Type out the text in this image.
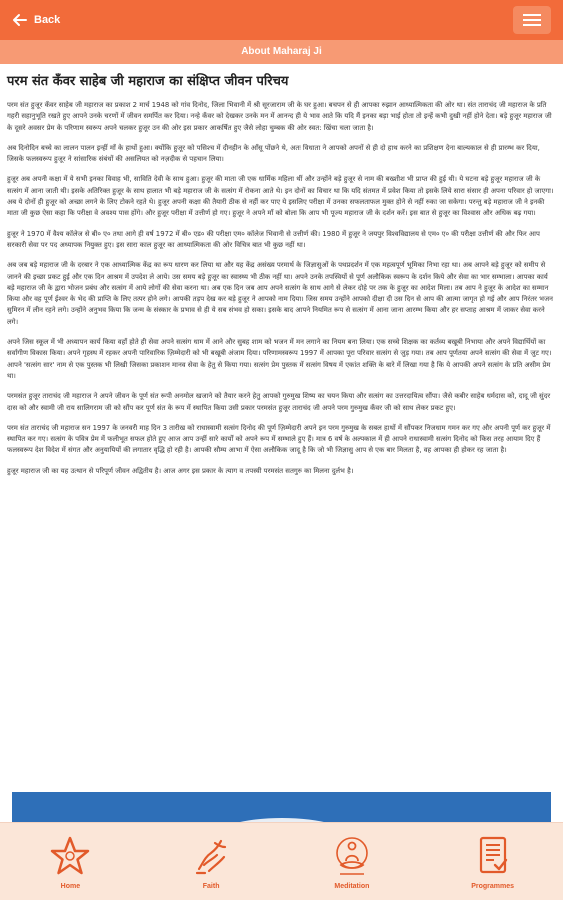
Back
About Maharaj Ji
परम संत कँवर साहेब जी महाराज का संक्षिप्त जीवन परिचय

परम संत हुजूर कँवर साहेब जी महाराज का प्रकाश 2 मार्च 1948 को गांव दिनोद, जिला भिवानी में श्री सूरजाराम जी के घर हुआ। बचपन से ही आपका रुझान आध्यात्मिकता की ओर था। संत ताराचंद जी महाराज के प्रति गहरी सहानुभूति रखते हुए आपने उनके चरणों में जीवन समर्पित कर दिया। नन्हे कँवर को देखकर उनके मन में आनन्द ही ये भाव आते कि यदि मैं इनका बड़ा भाई होता तो इन्हें कभी दुखी नहीं होने देता। बड़े हुजूर महाराज जी के दूसरे अवसर प्रेम के परिणाम स्वरूप अपने चलकर हुजूर उन की ओर इस प्रकार आकर्षित हुए जैसे लोहा चुम्बक की ओर स्वत: खिंचा चला जाता है।

अब दिनोदिन बच्चे का लालन पालन इन्हीं माँ के हाथों हुआ। क्योंकि हुजूर को पसिश्च में दीनहीन के आँसू पोंछने थे, अतः विधाता ने आपको अपनों से ही दो हाथ करने का प्रशिक्षण देना बाल्यकाल से ही प्रारम्भ कर दिया, जिसके फलस्वरूप हुजूर ने सांसारिक संबंधों की असलियत को नज़दीक से पहचान लिया।

हुजूर अब अपनी कक्षा में ये सभी इनका विवाह भी, साविति देवी के साथ हुआ। हुजूर की माता जी एक धार्मिक महिला थीं और उन्होंने बड़े हुजूर से नाम की बख्शीश भी प्राप्त की हुई थी। ये घटना बड़े हुजूर महाराज जी के सत्संग में आना जाती थी। इसके अतिरिक्त हुजूर के साथ हालात भी बड़े महाराज जी के सत्संग में रोकना आते थे। इन दोनों का विचार था कि यदि संतमत में प्रवेश किया तो इसके लिये सारा संसार ही अपना परिवार हो जाएगा। अब ये दोनों ही हुजूर को अच्छा लगने के लिए टोकने रहते थे। हुजूर अपनी कक्षा की तैयारी ठीक से नहीं कर पाए ये इसलिए परीक्षा में उनका सफलताफल मुक्त होने से नहीं रुका जा सकेगा। परन्तु बड़े महाराज जी ने इनकी माता जी कुछ ऐसा कहा कि परीक्षा वे अवश्य पास होंगे। और हुजूर परीक्षा में उत्तीर्ण हो गए। हुजूर ने अपने माँ को बोला कि आप भी पूज्य महाराज जी के दर्शन करें। इस बात से हुजूर का विश्वास और अधिक बढ़ गया।

हुजूर ने 1970 में वैश्य कॉलेज से बी० ए० तथा आगे ही वर्ष 1972 में बी० एड० की परीक्षा एम० कॉलेज भिवानी से उत्तीर्ण की। 1980 में हुजूर ने जयपुर विश्वविद्यालय से एम० ए० की परीक्षा उत्तीर्ण की और फिर आप सरकारी सेवा पर पद अध्यापक नियुक्त हुए। इस सारा काल हुजूर का आध्यात्मिकता की ओर विचित्र बात भी कुछ नहीं था।

अब जब बड़े महाराज जी के दरबार ने एक आध्यात्मिक केंद्र का रूप धारण कर लिया था और यह केंद्र असंख्य परमार्थ के जिज्ञासुओं के पथप्रदर्शन में एक महत्वपूर्ण भूमिका निभा रहा था। अब आपने बड़े हुजूर को समीप से जानने की इच्छा प्रकट हुई और एक दिन आश्रम में उपदेश ले आये। उस समय बड़े हुजूर का स्वास्थ्य भी ठीक नहीं था। अपने उनके तपस्वियों से पूर्ण अलौकिक स्वरूप के दर्शन किये और सेवा का भार सम्भाला। आपका कार्य बड़े महाराज जी के द्वारा भोजन प्रबंध और सत्संग में आये लोगों की सेवा करना था। अब एक दिन जब आप अपने सत्संग के साथ आगे से लेकर दोहे पर तक के हुजूर का आदेश मिला। तब आप ने हुजूर के आदेश का सम्मान किया और वह पूर्ण ईश्वर के भेद की प्राप्ति के लिए तत्पर होने लगे। आपकी तड़प देख कर बड़े हुजूर ने आपको नाम दिया। जिस समय उन्होंने आपको दीक्षा दी उस दिन से आप की आत्मा जागृत हो गई और आप निरंतर भजन सुमिरन में लीन रहने लगे। उन्होंने अनुभव किया कि जन्म के संस्कार के प्रभाव से ही ये सब संभव हो सका। इसके बाद आपने नियमित रूप से सत्संग में आना जाना आरम्भ किया और हर सप्ताह आश्रम में जाकर सेवा करने लगे।

अपने जिस स्कूल में भी अध्यापन कार्य किया वहाँ होते ही सेवा अपने सत्संग धाम में आने और सुबह शाम को भजन में मन लगाने का नियम बना लिया। एक सच्चे शिक्षक का कर्तव्य बखूबी निभाया और अपने विद्यार्थियों का सर्वांगीण विकास किया। अपने गृहस्थ में रहकर अपनी पारिवारिक ज़िम्मेदारी को भी बखूबी अंजाम दिया। परिणामस्वरूप 1997 में आपका पूरा परिवार सत्संग से जुड़ गया। तब आप पूर्णतया अपने सत्संग की सेवा में जुट गए। आपने 'सत्संग सार' नाम से एक पुस्तक भी लिखी जिसका प्रकाशन मानव सेवा के हेतु से किया गया। सत्संग प्रेम पुस्तक में सत्संग विषय में एकांत शक्ति के बारे में लिखा गया है कि ये आपकी अपने सत्संग के प्रति असीम प्रेम था।

परमसंत हुजूर ताराचंद जी महाराज ने अपने जीवन के पूर्ण संत रूपी अनमोल खजाने को तैयार करने हेतु आपको गुरुमुख शिष्य का चयन किया और सत्संग का उत्तरदायित्व सौंपा। जैसे कबीर साहेब धर्मदास को, दादू जी सुंदर दास को और स्वामी जी राय सालिगराम जी को सौंप कर पूर्ण संत के रूप में स्थापित किया उसी प्रकार परमसंत हुजूर ताराचंद जी अपने परम गुरुमुख कँवर जी को साथ लेकर प्रकट हुए।

परम संत ताराचंद जी महाराज सन 1997 के जनवरी माह दिन 3 तारीख को राधास्वामी सत्संग दिनोद की पूर्ण ज़िम्मेदारी अपने इन परम गुरुमुख के सबल हाथों में सौंपकर निजधाम गमन कर गए और अपनी पूर्ण कर हुजूर में स्थापित कर गए। सत्संग के पवित्र प्रेम में फलीभूत सफल होते हुए आज आप उन्हीं सारे कार्यों को अपने रूप में सम्भाले हुए हैं। मात्र 6 वर्ष के अल्पकाल में ही आपने राधास्वामी सत्संग दिनोद को किस तरह आयाम दिए हैं फलस्वरूप देश विदेश में संगत और अनुयायियों की लगातार वृद्धि हो रही है। आपकी सौम्य आभा में ऐसा अलौकिक जादू है कि जो भी जिज्ञासु आप से एक बार मिलता है, वह आपका ही होकर रह जाता है।

हुजूर महाराज जी का यह उत्थान से परिपूर्ण जीवन अद्वितीय है। आज अगर इस प्रकार के त्याग व तपस्वी परमसंत सतगुरु का मिलना दुर्लभ है।

Home	Faith	Meditation	Programmes
